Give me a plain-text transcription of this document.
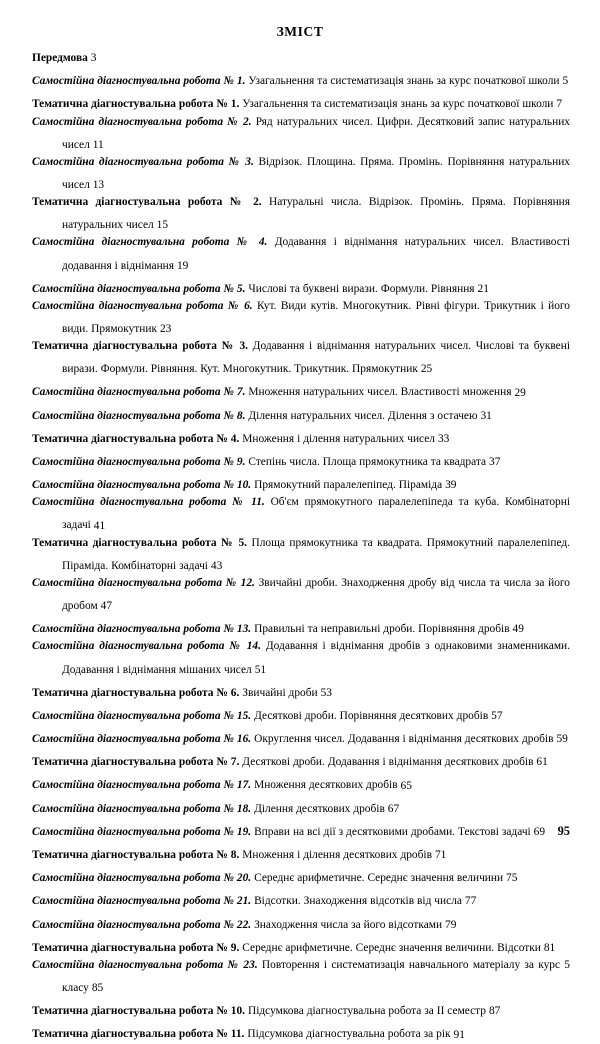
ЗМІСТ
Передмова 3
Самостійна діагностувальна робота № 1. Узагальнення та систематизація знань за курс початкової школи 5
Тематична діагностувальна робота № 1. Узагальнення та систематизація знань за курс початкової школи 7
Самостійна діагностувальна робота № 2. Ряд натуральних чисел. Цифри. Десятковий запис натуральних чисел 11
Самостійна діагностувальна робота № 3. Відрізок. Площина. Пряма. Промінь. Порівняння натуральних чисел 13
Тематична діагностувальна робота № 2. Натуральні числа. Відрізок. Промінь. Пряма. Порівняння натуральних чисел 15
Самостійна діагностувальна робота № 4. Додавання і віднімання натуральних чисел. Властивості додавання і віднімання 19
Самостійна діагностувальна робота № 5. Числові та буквені вирази. Формули. Рівняння 21
Самостійна діагностувальна робота № 6. Кут. Види кутів. Многокутник. Рівні фігури. Трикутник і його види. Прямокутник 23
Тематична діагностувальна робота № 3. Додавання і віднімання натуральних чисел. Числові та буквені вирази. Формули. Рівняння. Кут. Многокутник. Трикутник. Прямокутник 25
Самостійна діагностувальна робота № 7. Множення натуральних чисел. Властивості множення 29
Самостійна діагностувальна робота № 8. Ділення натуральних чисел. Ділення з остачею 31
Тематична діагностувальна робота № 4. Множення і ділення натуральних чисел 33
Самостійна діагностувальна робота № 9. Степінь числа. Площа прямокутника та квадрата 37
Самостійна діагностувальна робота № 10. Прямокутний паралелепіпед. Піраміда 39
Самостійна діагностувальна робота № 11. Об'єм прямокутного паралелепіпеда та куба. Комбінаторні задачі 41
Тематична діагностувальна робота № 5. Площа прямокутника та квадрата. Прямокутний паралелепіпед. Піраміда. Комбінаторні задачі 43
Самостійна діагностувальна робота № 12. Звичайні дроби. Знаходження дробу від числа та числа за його дробом 47
Самостійна діагностувальна робота № 13. Правильні та неправильні дроби. Порівняння дробів 49
Самостійна діагностувальна робота № 14. Додавання і віднімання дробів з однаковими знаменниками. Додавання і віднімання мішаних чисел 51
Тематична діагностувальна робота № 6. Звичайні дроби 53
Самостійна діагностувальна робота № 15. Десяткові дроби. Порівняння десяткових дробів 57
Самостійна діагностувальна робота № 16. Округлення чисел. Додавання і віднімання десяткових дробів 59
Тематична діагностувальна робота № 7. Десяткові дроби. Додавання і віднімання десяткових дробів 61
Самостійна діагностувальна робота № 17. Множення десяткових дробів 65
Самостійна діагностувальна робота № 18. Ділення десяткових дробів 67
Самостійна діагностувальна робота № 19. Вправи на всі дії з десятковими дробами. Текстові задачі 69
Тематична діагностувальна робота № 8. Множення і ділення десяткових дробів 71
Самостійна діагностувальна робота № 20. Середнє арифметичне. Середнє значення величини 75
Самостійна діагностувальна робота № 21. Відсотки. Знаходження відсотків від числа 77
Самостійна діагностувальна робота № 22. Знаходження числа за його відсотками 79
Тематична діагностувальна робота № 9. Середнє арифметичне. Середнє значення величини. Відсотки 81
Самостійна діагностувальна робота № 23. Повторення і систематизація навчального матеріалу за курс 5 класу 85
Тематична діагностувальна робота № 10. Підсумкова діагностувальна робота за ІІ семестр 87
Тематична діагностувальна робота № 11. Підсумкова діагностувальна робота за рік 91
95
